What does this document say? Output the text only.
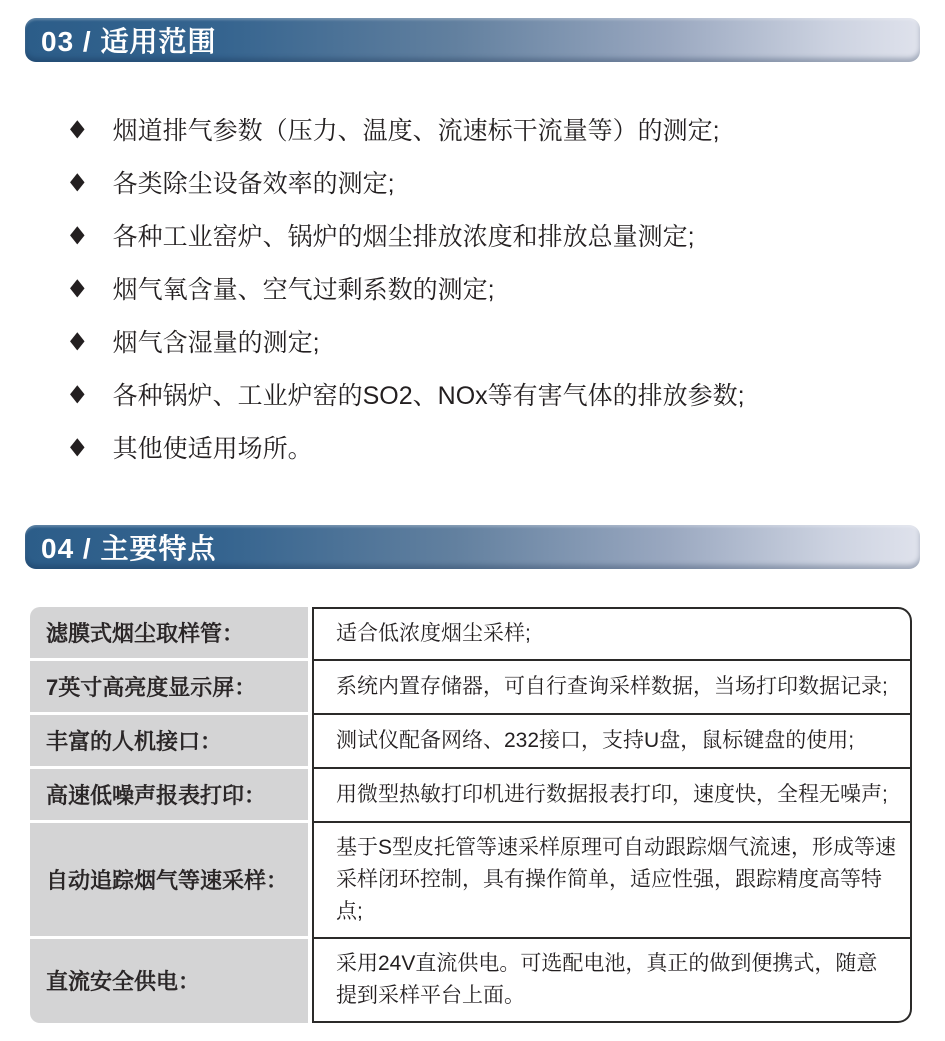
03 / 适用范围
◆ 烟道排气参数（压力、温度、流速标干流量等）的测定;
◆ 各类除尘设备效率的测定;
◆ 各种工业窑炉、锅炉的烟尘排放浓度和排放总量测定;
◆ 烟气氧含量、空气过剩系数的测定;
◆ 烟气含湿量的测定;
◆ 各种锅炉、工业炉窑的SO2、NOx等有害气体的排放参数;
◆ 其他使适用场所。
04 / 主要特点
滤膜式烟尘取样管：	适合低浓度烟尘采样;
7英寸高亮度显示屏：	系统内置存储器，可自行查询采样数据，当场打印数据记录;
丰富的人机接口：	测试仪配备网络、232接口，支持U盘，鼠标键盘的使用;
高速低噪声报表打印：	用微型热敏打印机进行数据报表打印，速度快，全程无噪声;
自动追踪烟气等速采样：
基于S型皮托管等速采样原理可自动跟踪烟气流速，形成等速采样闭环控制，具有操作简单，适应性强，跟踪精度高等特点;
直流安全供电：
采用24V直流供电。可选配电池，真正的做到便携式，随意提到采样平台上面。
